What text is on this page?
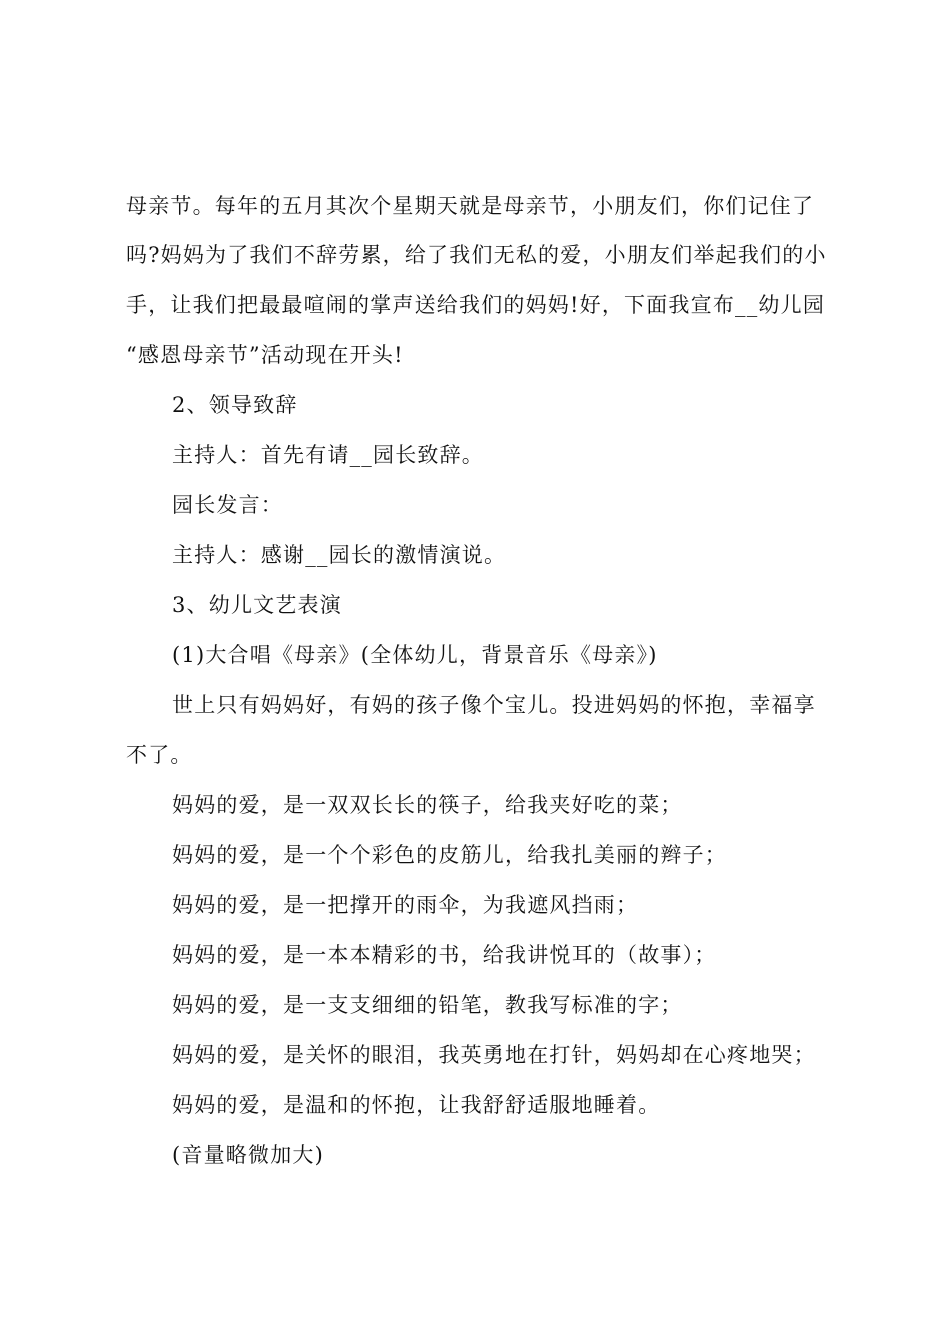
母亲节。每年的五月其次个星期天就是母亲节，小朋友们，你们记住了
吗?妈妈为了我们不辞劳累，给了我们无私的爱，小朋友们举起我们的小
手，让我们把最最喧闹的掌声送给我们的妈妈!好，下面我宣布__幼儿园
“感恩母亲节”活动现在开头!
2、领导致辞
主持人：首先有请__园长致辞。
园长发言：
主持人：感谢__园长的激情演说。
3、幼儿文艺表演
(1)大合唱《母亲》(全体幼儿，背景音乐《母亲》)
世上只有妈妈好，有妈的孩子像个宝儿。投进妈妈的怀抱，幸福享
不了。
妈妈的爱，是一双双长长的筷子，给我夹好吃的菜；
妈妈的爱，是一个个彩色的皮筋儿，给我扎美丽的辫子；
妈妈的爱，是一把撑开的雨伞，为我遮风挡雨；
妈妈的爱，是一本本精彩的书，给我讲悦耳的（故事）；
妈妈的爱，是一支支细细的铅笔，教我写标准的字；
妈妈的爱，是关怀的眼泪，我英勇地在打针，妈妈却在心疼地哭；
妈妈的爱，是温和的怀抱，让我舒舒适服地睡着。
(音量略微加大)
